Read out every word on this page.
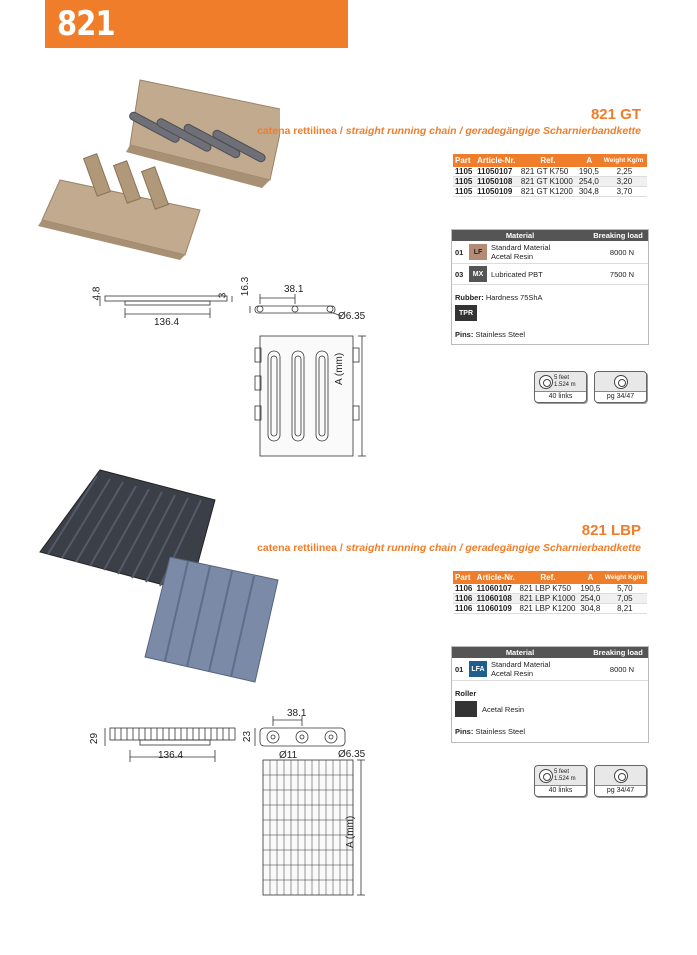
821
821 GT
catena rettilinea / straight running chain / geradegängige Scharnierbandkette
Part	Article-Nr.	Ref.	A	Weight Kg/m
1105	11050107	821 GT K750	190,5	2,25
1105	11050108	821 GT K1000	254,0	3,20
1105	11050109	821 GT K1200	304,8	3,70
Material	Breaking load
01	LF	Standard Material
Acetal Resin	8000 N
03	MX	Lubricated PBT	7500 N
Rubber: Hardness 75ShA
TPR
Pins: Stainless Steel
4.8	3
136.4
16.3	38.1
Ø6.35
A (mm)	5 feet
1.524 m
40 links	pg 34/47
821 LBP
catena rettilinea / straight running chain / geradegängige Scharnierbandkette
Part	Article-Nr.	Ref.	A	Weight Kg/m
1106	11060107	821 LBP K750	190,5	5,70
1106	11060108	821 LBP K1000	254,0	7,05
1106	11060109	821 LBP K1200	304,8	8,21
Material	Breaking load
01	LFA Standard Material
Acetal Resin	8000 N
Roller
Acetal Resin
Pins: Stainless Steel
29
136.4
23
38.1
Ø11	Ø6.35
A (mm)
5 feet
1.524 m
40 links	pg 34/47
